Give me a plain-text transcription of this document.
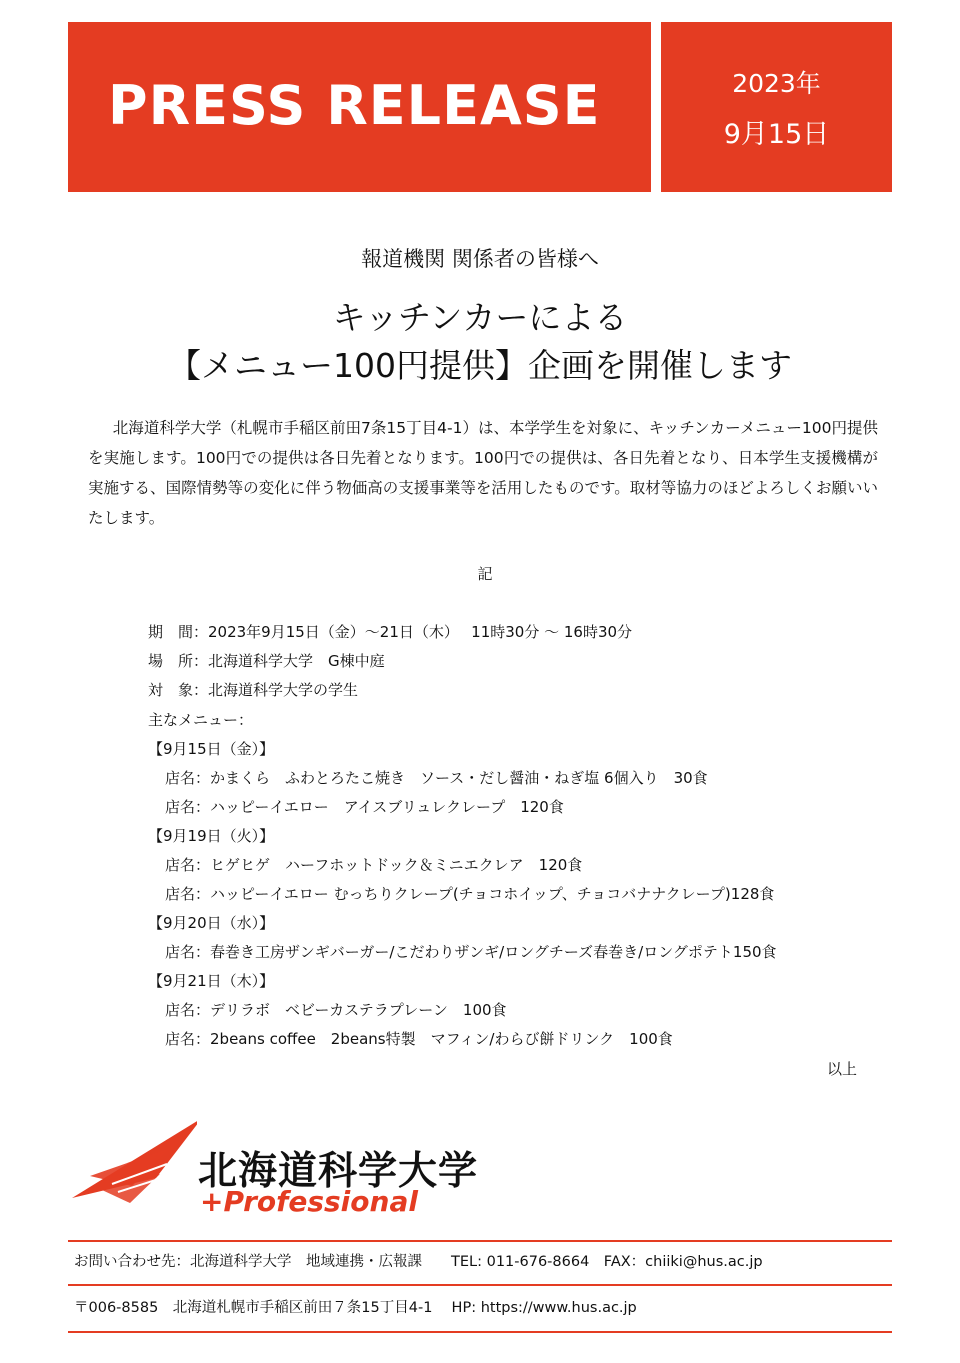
PRESS RELEASE	2023年
9月15日
報道機関 関係者の皆様へ
キッチンカーによる
【メニュー100円提供】企画を開催します
北海道科学大学（札幌市手稲区前田7条15丁目4-1）は、本学学生を対象に、キッチンカーメニュー100円提供を実施します。100円での提供は各日先着となります。100円での提供は、各日先着となり、日本学生支援機構が実施する、国際情勢等の変化に伴う物価高の支援事業等を活用したものです。取材等協力のほどよろしくお願いいたします。
記
期　間：2023年9月15日（金）～21日（木）　 11時30分 ～ 16時30分
場　所：北海道科学大学　G棟中庭
対　象：北海道科学大学の学生
主なメニュー：
【9月15日（金）】
店名：かまくら　ふわとろたこ焼き　ソース・だし醤油・ねぎ塩 6個入り　30食
店名：ハッピーイエロー　アイスブリュレクレープ　120食
【9月19日（火）】
店名：ヒゲヒゲ　ハーフホットドック＆ミニエクレア　120食
店名：ハッピーイエロー むっちりクレープ(チョコホイップ、チョコバナナクレープ)128食
【9月20日（水）】
店名：春巻き工房ザンギバーガー/こだわりザンギ/ロングチーズ春巻き/ロングポテト150食
【9月21日（木）】
店名：デリラボ　ベビーカステラプレーン　100食
店名：2beans coffee　2beans特製　マフィン/わらび餅ドリンク　100食
以上
北海道科学大学
+Professional
お問い合わせ先：北海道科学大学　地域連携・広報課　　TEL: 011-676-8664　FAX：chiiki@hus.ac.jp
〒006-8585　北海道札幌市手稲区前田７条15丁目4-1　 HP: https://www.hus.ac.jp
